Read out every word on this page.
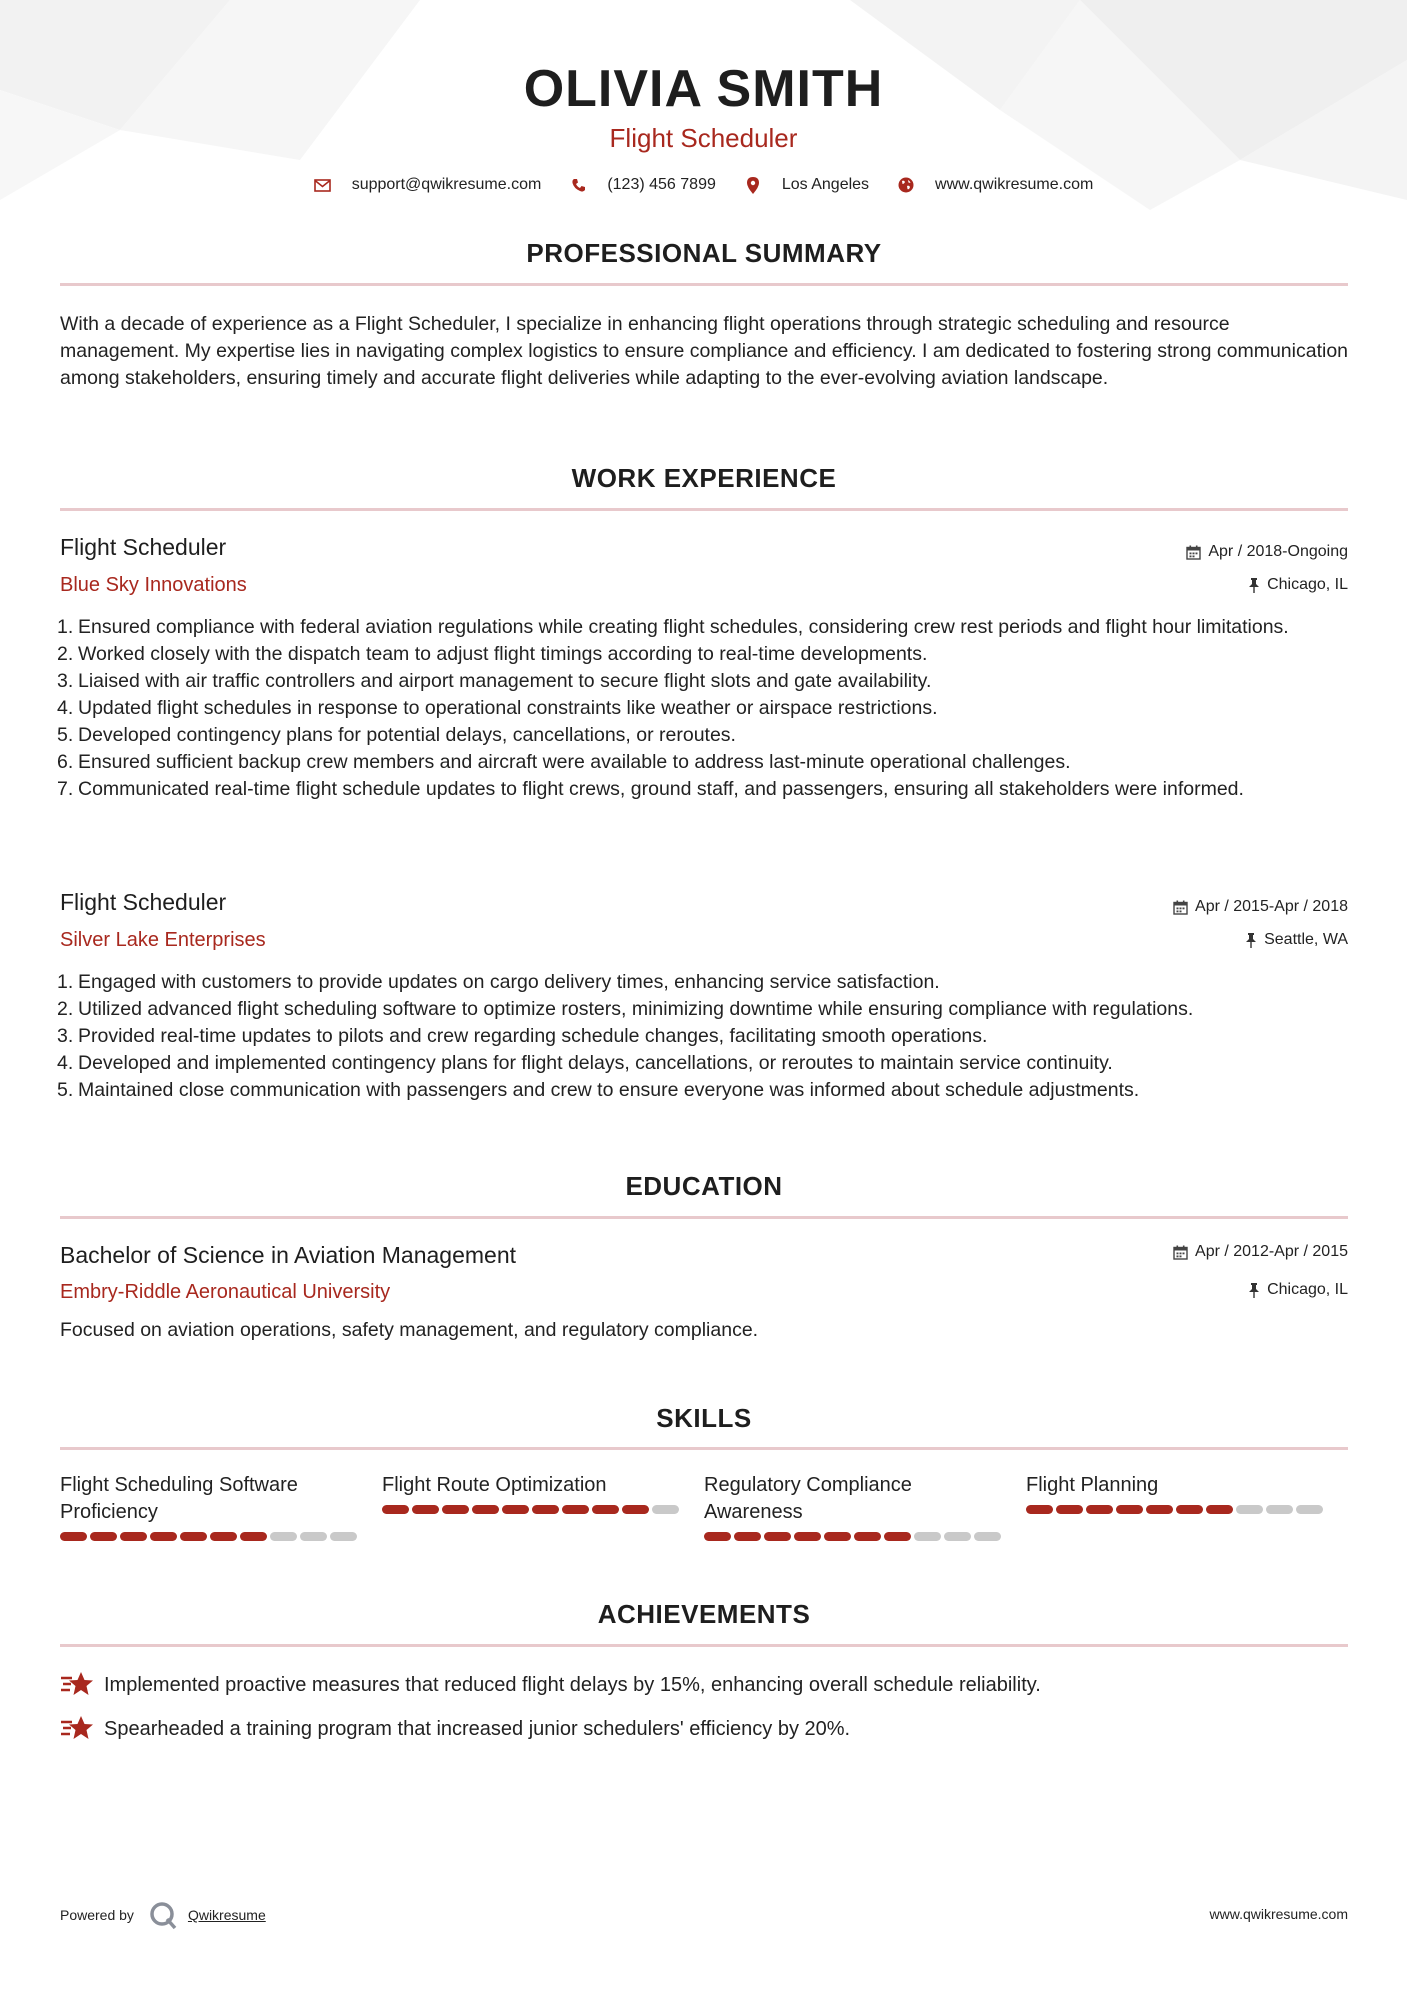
OLIVIA SMITH
Flight Scheduler
support@qwikresume.com	(123) 456 7899	Los Angeles	www.qwikresume.com
PROFESSIONAL SUMMARY
With a decade of experience as a Flight Scheduler, I specialize in enhancing flight operations through strategic scheduling and resource management. My expertise lies in navigating complex logistics to ensure compliance and efficiency. I am dedicated to fostering strong communication among stakeholders, ensuring timely and accurate flight deliveries while adapting to the ever-evolving aviation landscape.
WORK EXPERIENCE
Flight Scheduler	Apr / 2018-Ongoing
Blue Sky Innovations	Chicago, IL
1. Ensured compliance with federal aviation regulations while creating flight schedules, considering crew rest periods and flight hour limitations.
2. Worked closely with the dispatch team to adjust flight timings according to real-time developments.
3. Liaised with air traffic controllers and airport management to secure flight slots and gate availability.
4. Updated flight schedules in response to operational constraints like weather or airspace restrictions.
5. Developed contingency plans for potential delays, cancellations, or reroutes.
6. Ensured sufficient backup crew members and aircraft were available to address last-minute operational challenges.
7. Communicated real-time flight schedule updates to flight crews, ground staff, and passengers, ensuring all stakeholders were informed.
Flight Scheduler	Apr / 2015-Apr / 2018
Silver Lake Enterprises	Seattle, WA
1. Engaged with customers to provide updates on cargo delivery times, enhancing service satisfaction.
2. Utilized advanced flight scheduling software to optimize rosters, minimizing downtime while ensuring compliance with regulations.
3. Provided real-time updates to pilots and crew regarding schedule changes, facilitating smooth operations.
4. Developed and implemented contingency plans for flight delays, cancellations, or reroutes to maintain service continuity.
5. Maintained close communication with passengers and crew to ensure everyone was informed about schedule adjustments.
EDUCATION
Bachelor of Science in Aviation Management	Apr / 2012-Apr / 2015
Embry-Riddle Aeronautical University	Chicago, IL
Focused on aviation operations, safety management, and regulatory compliance.
SKILLS
Flight Scheduling Software Proficiency
Flight Route Optimization	Regulatory Compliance Awareness
Flight Planning
ACHIEVEMENTS
Implemented proactive measures that reduced flight delays by 15%, enhancing overall schedule reliability.
Spearheaded a training program that increased junior schedulers' efficiency by 20%.
Powered by	Qwikresume	www.qwikresume.com
